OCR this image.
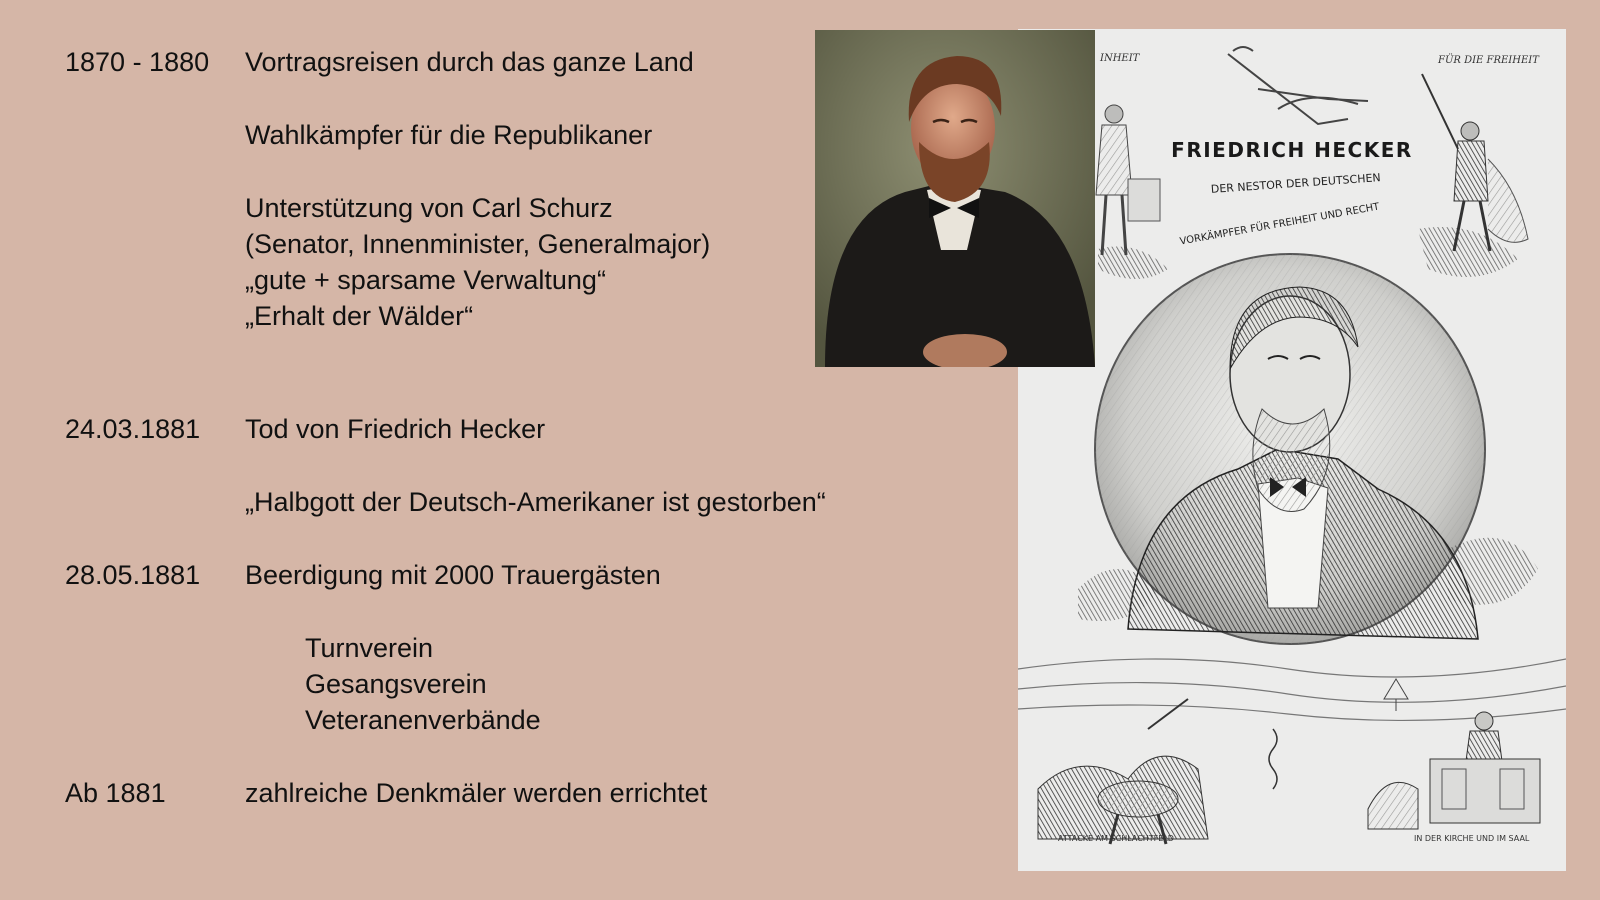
1870 - 1880 Vortragsreisen durch das ganze Land
Wahlkämpfer für die Republikaner
Unterstützung von Carl Schurz
(Senator, Innenminister, Generalmajor)
„gute + sparsame Verwaltung“
„Erhalt der Wälder“
24.03.1881 Tod von Friedrich Hecker
„Halbgott der Deutsch-Amerikaner ist gestorben“
28.05.1881 Beerdigung mit 2000 Trauergästen
Turnverein
Gesangsverein
Veteranenverbände
Ab 1881	zahlreiche Denkmäler werden errichtet
INHEIT	FÜR DIE FREIHEIT
FRIEDRICH HECKER
DER NESTOR DER DEUTSCHEN
VORKÄMPFER FÜR FREIHEIT UND RECHT
ATTACKE AM SCHLACHTFELD	IN DER KIRCHE UND IM SAAL
